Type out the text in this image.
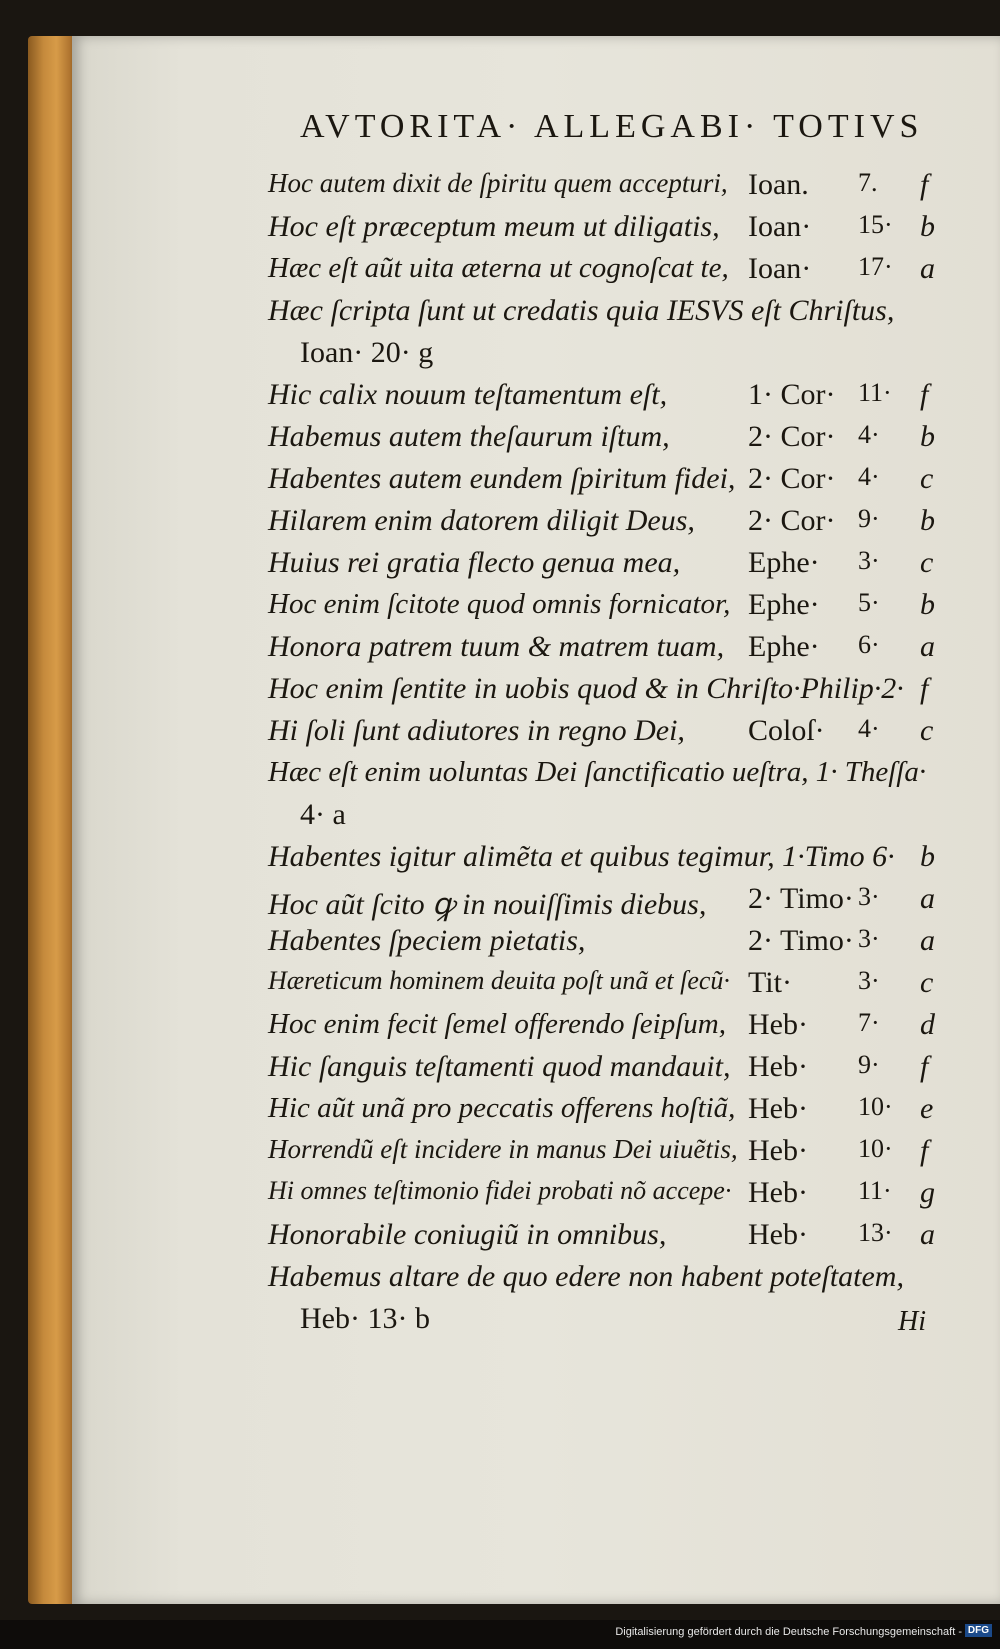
AVTORITA· ALLEGABI· TOTIVS
Hoc autem dixit de ſpiritu quem accepturi, Ioan. 7. f
Hoc eſt præceptum meum ut diligatis, Ioan· 15· b
Hæc eſt aũt uita æterna ut cognoſcat te, Ioan· 17· a
Hæc ſcripta ſunt ut credatis quia IESVS eſt Chriſtus,
Ioan· 20· g
Hic calix nouum teſtamentum eſt,	1· Cor· 11· f
Habemus autem theſaurum iſtum,	2· Cor· 4· b
Habentes autem eundem ſpiritum fidei, 2· Cor· 4· c
Hilarem enim datorem diligit Deus, 2· Cor· 9· b
Huius rei gratia flecto genua mea, Ephe· 3· c
Hoc enim ſcitote quod omnis fornicator, Ephe· 5· b
Honora patrem tuum & matrem tuam, Ephe· 6· a
Hoc enim ſentite in uobis quod & in Chriſto·Philip·2· f
Hi ſoli ſunt adiutores in regno Dei, Coloſ· 4· c
Hæc eſt enim uoluntas Dei ſanctificatio ueſtra, 1· Theſſa·
4· a
Habentes igitur alimẽta et quibus tegimur, 1·Timo 6· b
Hoc aũt ſcito ꝙ in nouiſſimis diebus, 2· Timo· 3· a
Habentes ſpeciem pietatis,	2· Timo· 3· a
Hæreticum hominem deuita poſt unã et ſecũ· Tit·	3· c
Hoc enim fecit ſemel offerendo ſeipſum, Heb· 7· d
Hic ſanguis teſtamenti quod mandauit, Heb· 9· f
Hic aũt unã pro peccatis offerens hoſtiã, Heb· 10· e
Horrendũ eſt incidere in manus Dei uiuẽtis, Heb· 10· f
Hi omnes teſtimonio fidei probati nõ accepe· Heb· 11· g
Honorabile coniugiũ in omnibus,	Heb· 13· a
Habemus altare de quo edere non habent poteſtatem,
Heb· 13· b	Hi
Digitalisierung gefördert durch die Deutsche Forschungsgemeinschaft - DFG
